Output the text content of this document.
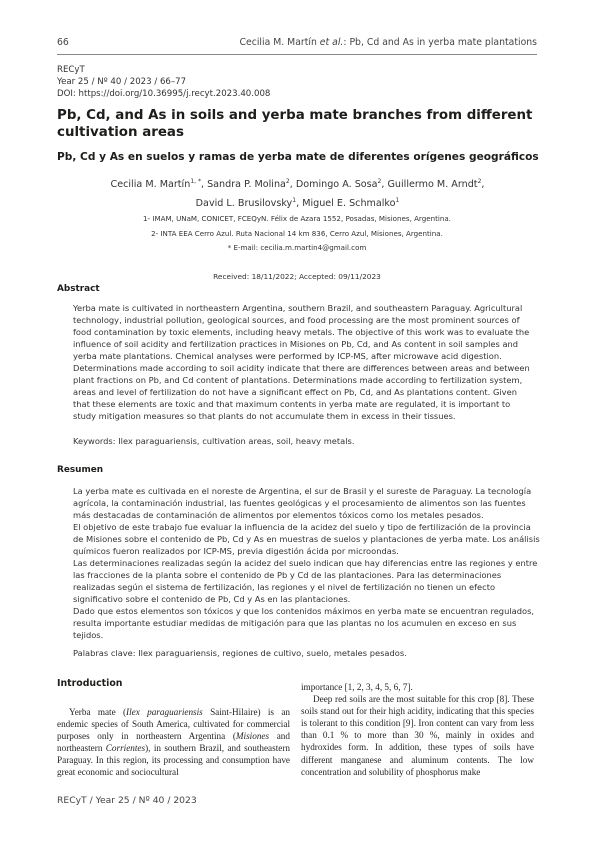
66	Cecilia M. Martín et al.: Pb, Cd and As in yerba mate plantations
RECyT
Year 25 / Nº 40 / 2023 / 66–77
DOI: https://doi.org/10.36995/j.recyt.2023.40.008
Pb, Cd, and As in soils and yerba mate branches from different cultivation areas
Pb, Cd y As en suelos y ramas de yerba mate de diferentes orígenes geográficos
Cecilia M. Martín$^{1, *}$, Sandra P. Molina$^2$, Domingo A. Sosa$^2$, Guillermo M. Arndt$^2$, David L. Brusilovsky$^1$, Miguel E. Schmalko$^1$
1- IMAM, UNaM, CONICET, FCEQyN. Félix de Azara 1552, Posadas, Misiones, Argentina.
2- INTA EEA Cerro Azul. Ruta Nacional 14 km 836, Cerro Azul, Misiones, Argentina.
* E-mail: cecilia.m.martin4@gmail.com
Received: 18/11/2022; Accepted: 09/11/2023
Abstract

Yerba mate is cultivated in northeastern Argentina, southern Brazil, and southeastern Paraguay. Agricultural technology, industrial pollution, geological sources, and food processing are the most prominent sources of food contamination by toxic elements, including heavy metals. The objective of this work was to evaluate the influence of soil acidity and fertilization practices in Misiones on Pb, Cd, and As content in soil samples and yerba mate plantations. Chemical analyses were performed by ICP-MS, after microwave acid digestion. Determinations made according to soil acidity indicate that there are differences between areas and between plant fractions on Pb, and Cd content of plantations. Determinations made according to fertilization system, areas and level of fertilization do not have a significant effect on Pb, Cd, and As plantations content. Given that these elements are toxic and that maximum contents in yerba mate are regulated, it is important to study mitigation measures so that plants do not accumulate them in excess in their tissues.

Keywords: Ilex paraguariensis, cultivation areas, soil, heavy metals.

Resumen

La yerba mate es cultivada en el noreste de Argentina, el sur de Brasil y el sureste de Paraguay. La tecnología agrícola, la contaminación industrial, las fuentes geológicas y el procesamiento de alimentos son las fuentes más destacadas de contaminación de alimentos por elementos tóxicos como los metales pesados.

El objetivo de este trabajo fue evaluar la influencia de la acidez del suelo y tipo de fertilización de la provincia de Misiones sobre el contenido de Pb, Cd y As en muestras de suelos y plantaciones de yerba mate. Los análisis químicos fueron realizados por ICP-MS, previa digestión ácida por microondas.

Las determinaciones realizadas según la acidez del suelo indican que hay diferencias entre las regiones y entre las fracciones de la planta sobre el contenido de Pb y Cd de las plantaciones. Para las determinaciones realizadas según el sistema de fertilización, las regiones y el nivel de fertilización no tienen un efecto significativo sobre el contenido de Pb, Cd y As en las plantaciones.

Dado que estos elementos son tóxicos y que los contenidos máximos en yerba mate se encuentran regulados, resulta importante estudiar medidas de mitigación para que las plantas no los acumulen en exceso en sus tejidos.

Palabras clave: Ilex paraguariensis, regiones de cultivo, suelo, metales pesados.

Introduction

Yerba mate (Ilex paraguariensis Saint-Hilaire) is an endemic species of South America, cultivated for commercial purposes only in northeastern Argentina (Misiones and northeastern Corrientes), in southern Brazil, and southeastern Paraguay. In this region, its processing and consumption have great economic and sociocultural

importance [1, 2, 3, 4, 5, 6, 7].

Deep red soils are the most suitable for this crop [8]. These soils stand out for their high acidity, indicating that this species is tolerant to this condition [9]. Iron content can vary from less than 0.1 % to more than 30 %, mainly in oxides and hydroxides form. In addition, these types of soils have different manganese and aluminum contents. The low concentration and solubility of phosphorus make

RECyT / Year 25 / Nº 40 / 2023
